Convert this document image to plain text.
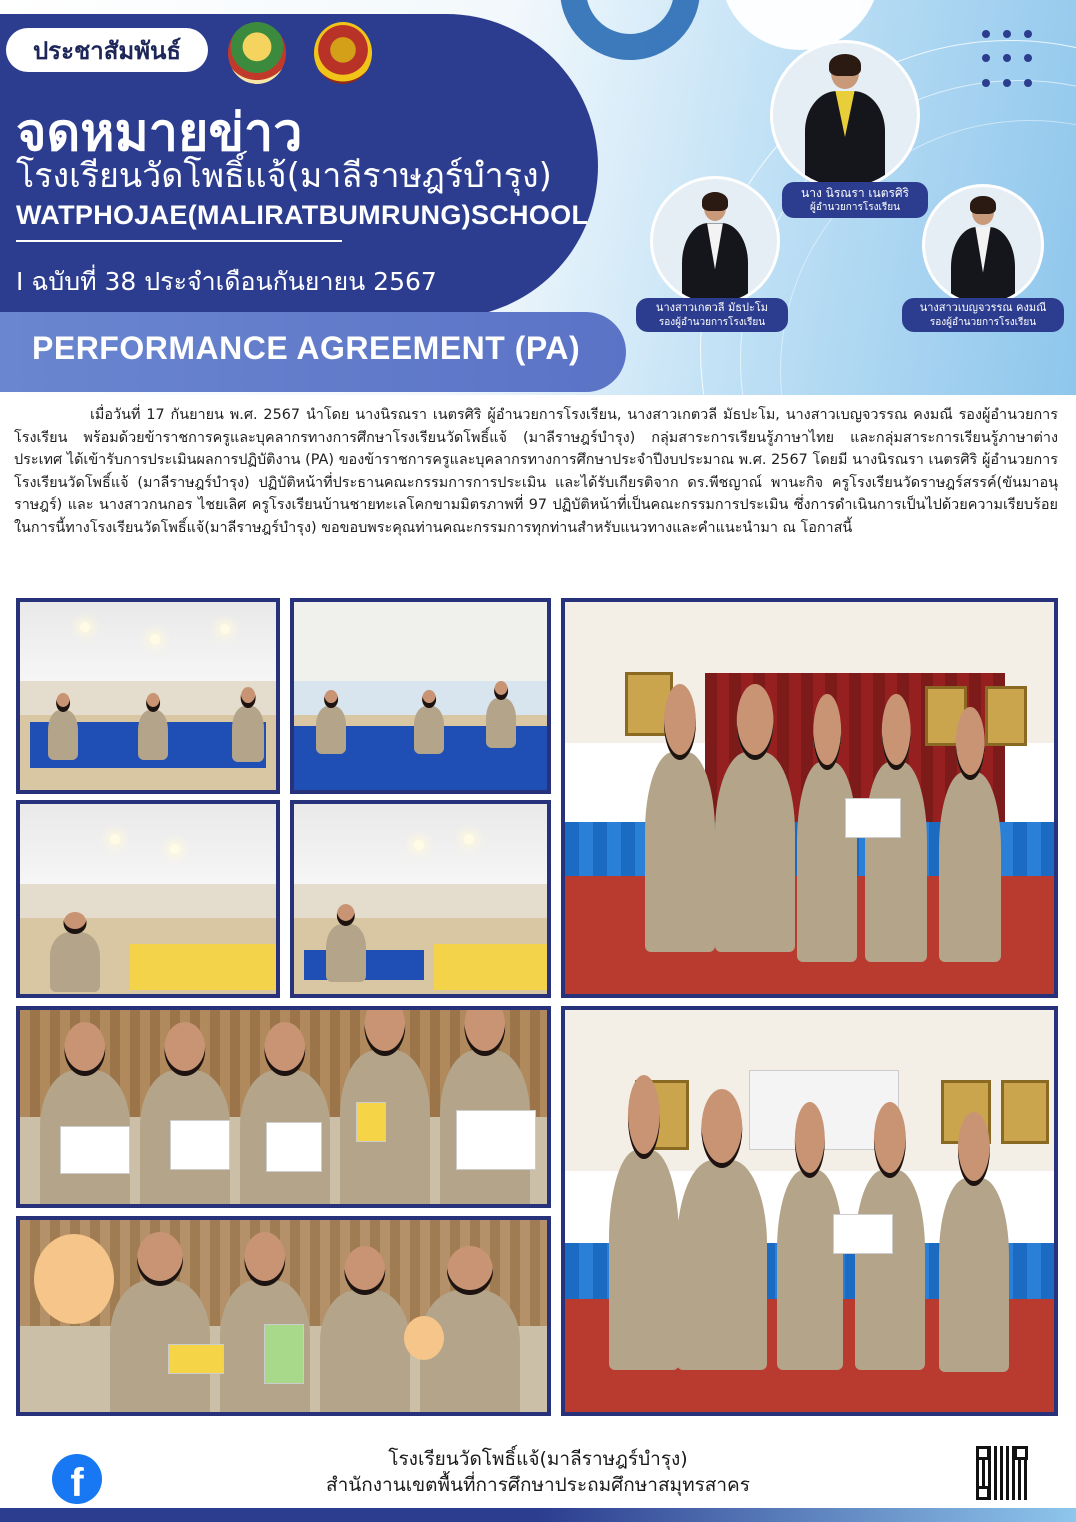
PERFORMANCE AGREEMENT (PA)
ประชาสัมพันธ์
จดหมายข่าว
โรงเรียนวัดโพธิ์แจ้(มาลีราษฎร์บำรุง)
WATPHOJAE(MALIRATBUMRUNG)SCHOOL
I ฉบับที่ 38 ประจำเดือนกันยายน 2567
นาง นิรณรา เนตรศิริ
ผู้อำนวยการโรงเรียน
นางสาวเกตวลี มัธปะโม
รองผู้อำนวยการโรงเรียน
นางสาวเบญจวรรณ คงมณี
รองผู้อำนวยการโรงเรียน

เมื่อวันที่ 17 กันยายน พ.ศ. 2567 นำโดย นางนิรณรา เนตรศิริ ผู้อำนวยการโรงเรียน, นางสาวเกตวลี มัธปะโม, นางสาวเบญจวรรณ คงมณี รองผู้อำนวยการโรงเรียน พร้อมด้วยข้าราชการครูและบุคลากรทางการศึกษาโรงเรียนวัดโพธิ์แจ้ (มาลีราษฎร์บำรุง) กลุ่มสาระการเรียนรู้ภาษาไทย และกลุ่มสาระการเรียนรู้ภาษาต่างประเทศ ได้เข้ารับการประเมินผลการปฏิบัติงาน (PA) ของข้าราชการครูและบุคลากรทางการศึกษาประจำปีงบประมาณ พ.ศ. 2567 โดยมี นางนิรณรา เนตรศิริ ผู้อำนวยการโรงเรียนวัดโพธิ์แจ้ (มาลีราษฎร์บำรุง) ปฏิบัติหน้าที่ประธานคณะกรรมการการประเมิน และได้รับเกียรติจาก ดร.พีชญาณ์ พานะกิจ ครูโรงเรียนวัดราษฎร์สรรค์(ขันมาอนุราษฎร์) และ นางสาวกนกอร ไชยเลิศ ครูโรงเรียนบ้านชายทะเลโคกขามมิตรภาพที่ 97 ปฏิบัติหน้าที่เป็นคณะกรรมการประเมิน ซึ่งการดำเนินการเป็นไปด้วยความเรียบร้อย ในการนี้ทางโรงเรียนวัดโพธิ์แจ้(มาลีราษฎร์บำรุง) ขอขอบพระคุณท่านคณะกรรมการทุกท่านสำหรับแนวทางและคำแนะนำมา ณ โอกาสนี้

f
โรงเรียนวัดโพธิ์แจ้(มาลีราษฎร์บำรุง)
สำนักงานเขตพื้นที่การศึกษาประถมศึกษาสมุทรสาคร
